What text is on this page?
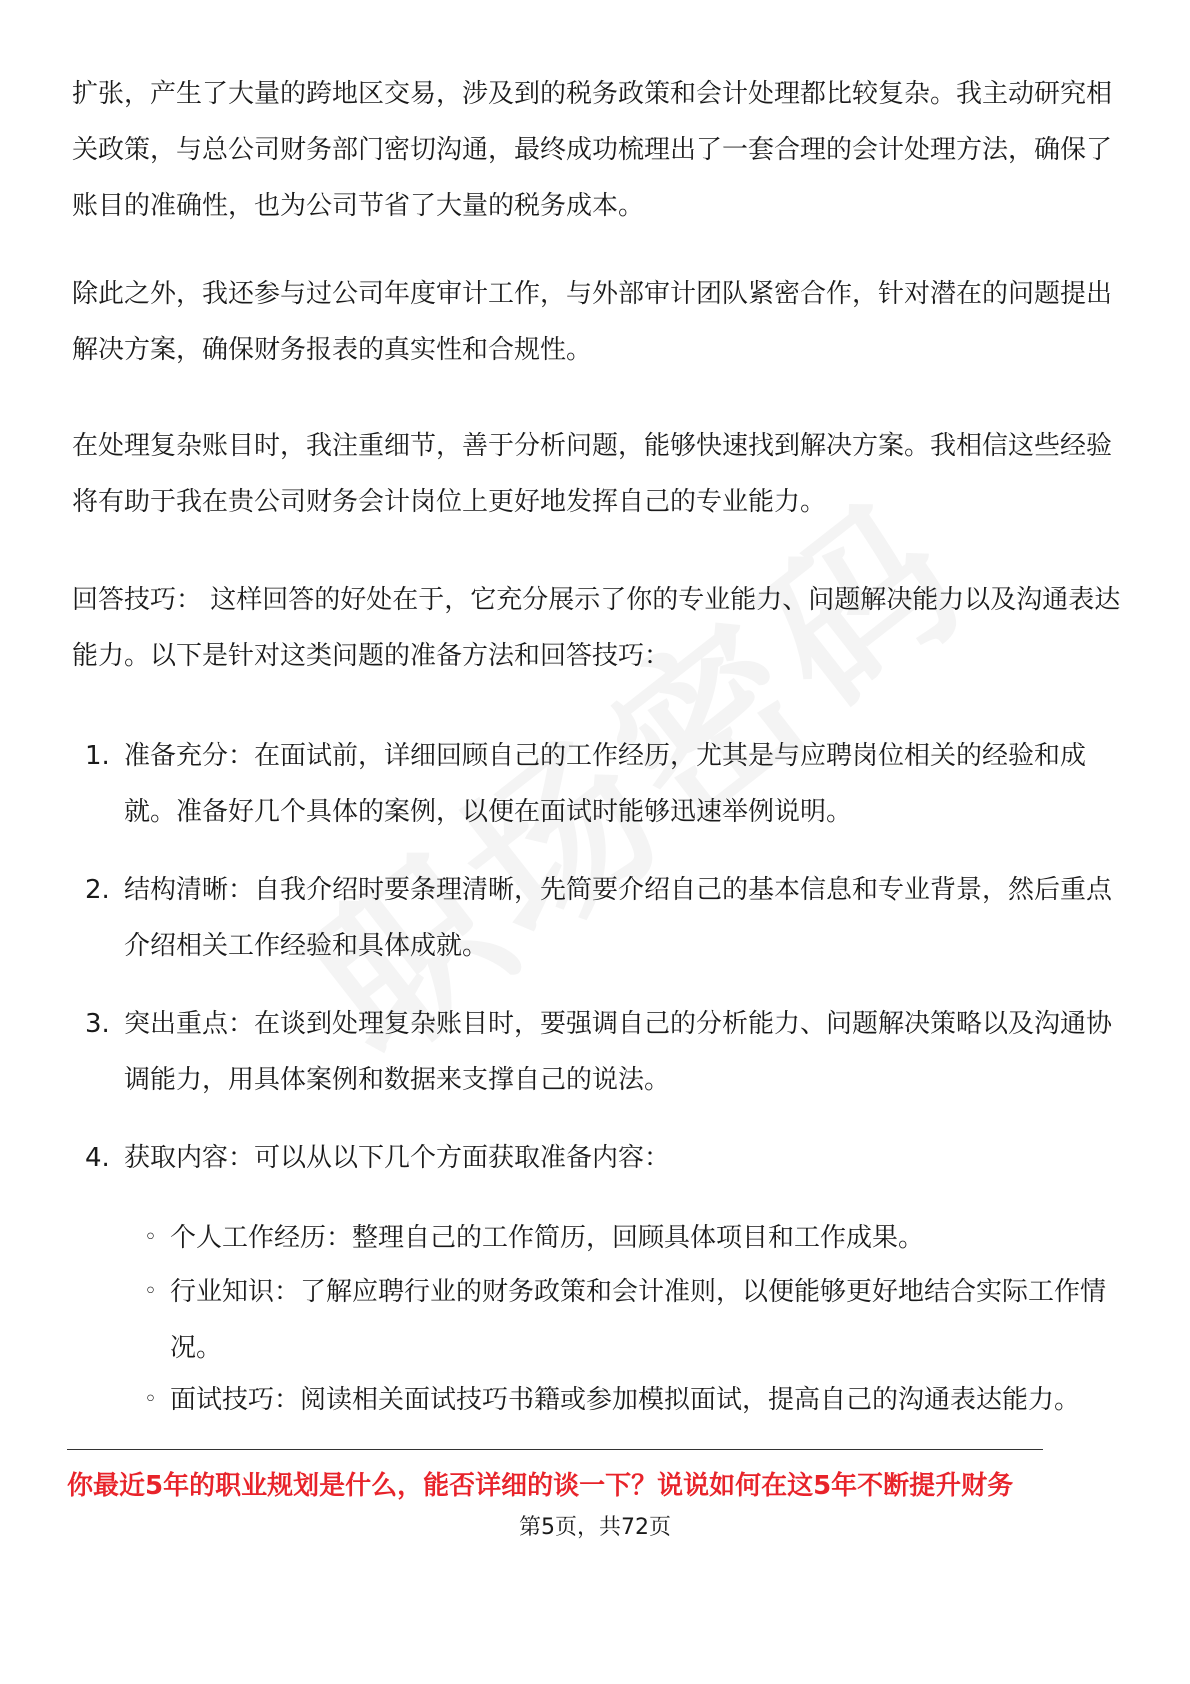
扩张，产生了大量的跨地区交易，涉及到的税务政策和会计处理都比较复杂。我主动研究相关政策，与总公司财务部门密切沟通，最终成功梳理出了一套合理的会计处理方法，确保了账目的准确性，也为公司节省了大量的税务成本。

除此之外，我还参与过公司年度审计工作，与外部审计团队紧密合作，针对潜在的问题提出解决方案，确保财务报表的真实性和合规性。

在处理复杂账目时，我注重细节，善于分析问题，能够快速找到解决方案。我相信这些经验将有助于我在贵公司财务会计岗位上更好地发挥自己的专业能力。

回答技巧： 这样回答的好处在于，它充分展示了你的专业能力、问题解决能力以及沟通表达能力。以下是针对这类问题的准备方法和回答技巧：

1. 准备充分：在面试前，详细回顾自己的工作经历，尤其是与应聘岗位相关的经验和成就。准备好几个具体的案例，以便在面试时能够迅速举例说明。
2. 结构清晰：自我介绍时要条理清晰，先简要介绍自己的基本信息和专业背景，然后重点介绍相关工作经验和具体成就。
3. 突出重点：在谈到处理复杂账目时，要强调自己的分析能力、问题解决策略以及沟通协调能力，用具体案例和数据来支撑自己的说法。
4. 获取内容：可以从以下几个方面获取准备内容：
◦ 个人工作经历：整理自己的工作简历，回顾具体项目和工作成果。
◦ 行业知识：了解应聘行业的财务政策和会计准则，以便能够更好地结合实际工作情况。
◦ 面试技巧：阅读相关面试技巧书籍或参加模拟面试，提高自己的沟通表达能力。
你最近5年的职业规划是什么，能否详细的谈一下？说说如何在这5年不断提升财务
第5页，共72页
